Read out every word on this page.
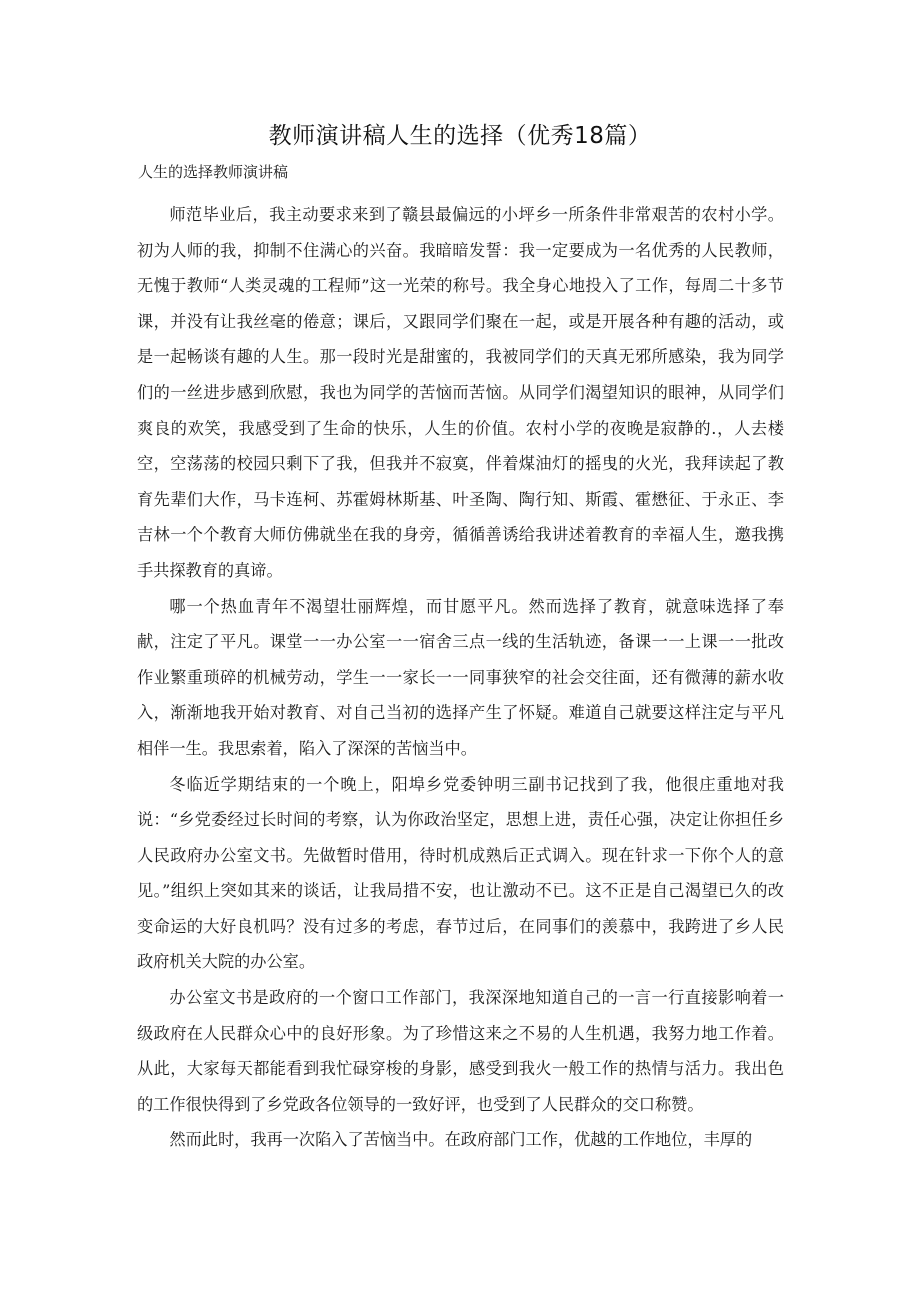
教师演讲稿人生的选择（优秀18篇）

人生的选择教师演讲稿

师范毕业后，我主动要求来到了赣县最偏远的小坪乡一所条件非常艰苦的农村小学。初为人师的我，抑制不住满心的兴奋。我暗暗发誓：我一定要成为一名优秀的人民教师，无愧于教师“人类灵魂的工程师”这一光荣的称号。我全身心地投入了工作，每周二十多节课，并没有让我丝毫的倦意；课后，又跟同学们聚在一起，或是开展各种有趣的活动，或是一起畅谈有趣的人生。那一段时光是甜蜜的，我被同学们的天真无邪所感染，我为同学们的一丝进步感到欣慰，我也为同学的苦恼而苦恼。从同学们渴望知识的眼神，从同学们爽良的欢笑，我感受到了生命的快乐，人生的价值。农村小学的夜晚是寂静的.，人去楼空，空荡荡的校园只剩下了我，但我并不寂寞，伴着煤油灯的摇曳的火光，我拜读起了教育先辈们大作，马卡连柯、苏霍姆林斯基、叶圣陶、陶行知、斯霞、霍懋征、于永正、李吉林一个个教育大师仿佛就坐在我的身旁，循循善诱给我讲述着教育的幸福人生，邀我携手共探教育的真谛。

哪一个热血青年不渴望壮丽辉煌，而甘愿平凡。然而选择了教育，就意味选择了奉献，注定了平凡。课堂一一办公室一一宿舍三点一线的生活轨迹，备课一一上课一一批改作业繁重琐碎的机械劳动，学生一一家长一一同事狭窄的社会交往面，还有微薄的薪水收入，渐渐地我开始对教育、对自己当初的选择产生了怀疑。难道自己就要这样注定与平凡相伴一生。我思索着，陷入了深深的苦恼当中。

冬临近学期结束的一个晚上，阳埠乡党委钟明三副书记找到了我，他很庄重地对我说：“乡党委经过长时间的考察，认为你政治坚定，思想上进，责任心强，决定让你担任乡人民政府办公室文书。先做暂时借用，待时机成熟后正式调入。现在针求一下你个人的意见。”组织上突如其来的谈话，让我局措不安，也让激动不已。这不正是自己渴望已久的改变命运的大好良机吗？没有过多的考虑，春节过后，在同事们的羡慕中，我跨进了乡人民政府机关大院的办公室。

办公室文书是政府的一个窗口工作部门，我深深地知道自己的一言一行直接影响着一级政府在人民群众心中的良好形象。为了珍惜这来之不易的人生机遇，我努力地工作着。从此，大家每天都能看到我忙碌穿梭的身影，感受到我火一般工作的热情与活力。我出色的工作很快得到了乡党政各位领导的一致好评，也受到了人民群众的交口称赞。

然而此时，我再一次陷入了苦恼当中。在政府部门工作，优越的工作地位，丰厚的
